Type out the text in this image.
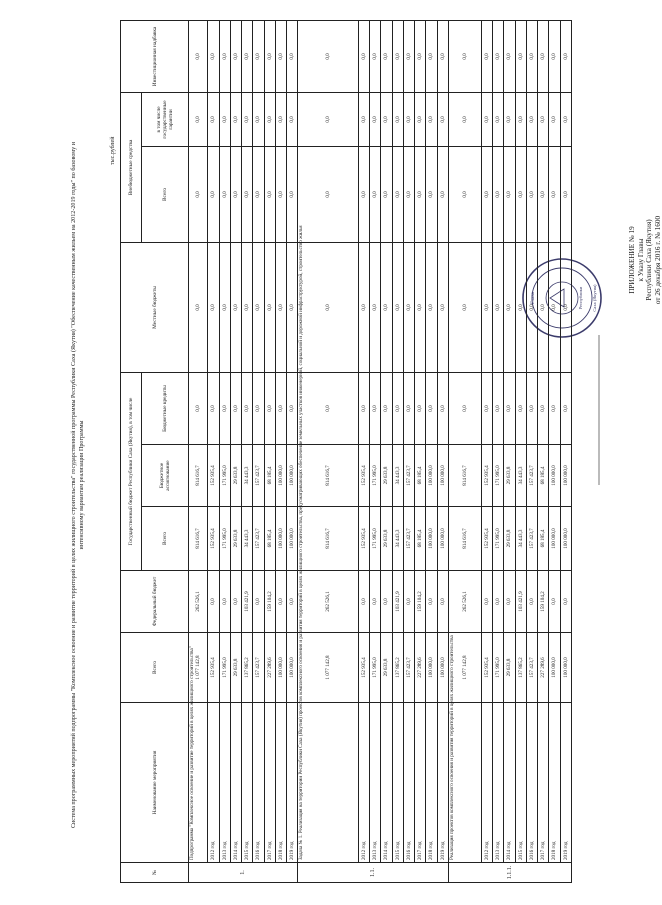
ПРИЛОЖЕНИЕ № 19 к Указу Главы Республики Саха (Якутия) от 26 декабря 2016 г. № 1600
Глава	Республики Саха (Якутия)
Система программных мероприятий подпрограммы "Комплексное освоение и развитие территорий в целях жилищного строительства" государственной программы Республики Саха (Якутия) "Обеспечение качественным жильем на 2012-2019 годы" по базовому и интенсивному вариантам реализации Программы
тыс.рублей
№	Наименование мероприятия	Всего	Федеральный бюджет	Государственный бюджет Республики Саха (Якутия), в том числе			Местные бюджеты	Внебюджетные средства		Инвестиционная надбавка
				Всего	Бюджетное ассигнование	Бюджетные кредиты		Всего	в том числе государственные гарантии	

1.	Подпрограмма "Комплексное освоение и развитие территорий в целях жилищного строительства"	1 077 142,8	262 526,1	814 616,7	814 616,7	0,0	0,0	0,0	0,0	0,0
	2012 год	152 935,4	0,0	152 935,4	152 935,4	0,0	0,0	0,0	0,0	0,0
	2013 год	171 995,0	0,0	171 995,0	171 995,0	0,0	0,0	0,0	0,0	0,0
	2014 год	29 633,8	0,0	29 633,8	29 633,8	0,0	0,0	0,0	0,0	0,0
	2015 год	137 865,2	103 421,9	34 443,3	34 443,3	0,0	0,0	0,0	0,0	0,0
	2016 год	157 423,7	0,0	157 423,7	157 423,7	0,0	0,0	0,0	0,0	0,0
	2017 год	227 289,6	159 104,2	68 185,4	68 185,4	0,0	0,0	0,0	0,0	0,0
	2018 год	100 000,0	0,0	100 000,0	100 000,0	0,0	0,0	0,0	0,0	0,0
	2019 год	100 000,0	0,0	100 000,0	100 000,0	0,0	0,0	0,0	0,0	0,0
1.1.	Задача № 1. Реализация на территории Республики Саха (Якутия) проектов комплексного освоения и развития территорий в целях жилищного строительства, предусматривающих обеспечение земельных участков инженерной, социальной и дорожной инфраструктурой, строительство жилья	1 077 142,8	262 526,1	814 616,7	814 616,7	0,0	0,0	0,0	0,0	0,0
	2012 год	152 935,4	0,0	152 935,4	152 935,4	0,0	0,0	0,0	0,0	0,0
	2013 год	171 995,0	0,0	171 995,0	171 995,0	0,0	0,0	0,0	0,0	0,0
	2014 год	29 633,8	0,0	29 633,8	29 633,8	0,0	0,0	0,0	0,0	0,0
	2015 год	137 865,2	103 421,9	34 443,3	34 443,3	0,0	0,0	0,0	0,0	0,0
	2016 год	157 423,7	0,0	157 423,7	157 423,7	0,0	0,0	0,0	0,0	0,0
	2017 год	227 289,6	159 104,2	68 185,4	68 185,4	0,0	0,0	0,0	0,0	0,0
	2018 год	100 000,0	0,0	100 000,0	100 000,0	0,0	0,0	0,0	0,0	0,0
	2019 год	100 000,0	0,0	100 000,0	100 000,0	0,0	0,0	0,0	0,0	0,0
1.1.1.	Реализация проектов комплексного освоения и развития территорий в целях жилищного строительства	1 077 142,8	262 526,1	814 616,7	814 616,7	0,0	0,0	0,0	0,0	0,0
	2012 год	152 935,4	0,0	152 935,4	152 935,4	0,0	0,0	0,0	0,0	0,0
	2013 год	171 995,0	0,0	171 995,0	171 995,0	0,0	0,0	0,0	0,0	0,0
	2014 год	29 633,8	0,0	29 633,8	29 633,8	0,0	0,0	0,0	0,0	0,0
	2015 год	137 865,2	103 421,9	34 443,3	34 443,3	0,0	0,0	0,0	0,0	0,0
	2016 год	157 423,7	0,0	157 423,7	157 423,7	0,0	0,0	0,0	0,0	0,0
	2017 год	227 289,6	159 104,2	68 185,4	68 185,4	0,0	0,0	0,0	0,0	0,0
	2018 год	100 000,0	0,0	100 000,0	100 000,0	0,0	0,0	0,0	0,0	0,0
	2019 год	100 000,0	0,0	100 000,0	100 000,0	0,0	0,0	0,0	0,0	0,0
